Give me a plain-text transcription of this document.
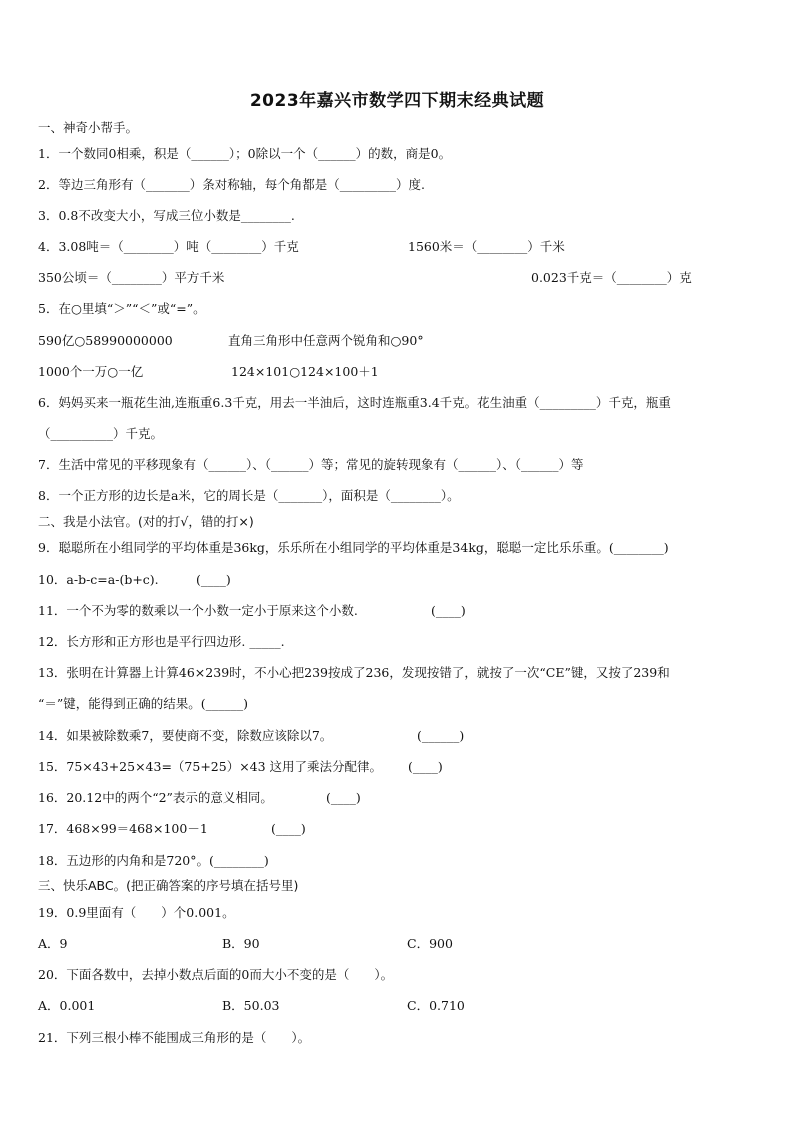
2023年嘉兴市数学四下期末经典试题
一、神奇小帮手。
1．一个数同0相乘，积是（______）；0除以一个（______）的数，商是0。
2．等边三角形有（_______）条对称轴，每个角都是（_________）度.
3．0.8不改变大小，写成三位小数是________.
4．3.08吨＝（________）吨（________）千克	1560米＝（________）千米
350公顷＝（________）平方千米	0.023千克＝（________）克
5．在○里填“＞”“＜”或“=”。
590亿○58990000000	直角三角形中任意两个锐角和○90°
1000个一万○一亿	124×101○124×100＋1
6．妈妈买来一瓶花生油,连瓶重6.3千克，用去一半油后，这时连瓶重3.4千克。花生油重（_________）千克，瓶重
（__________）千克。
7．生活中常见的平移现象有（______）、（______）等；常见的旋转现象有（______）、（______）等
8．一个正方形的边长是a米，它的周长是（_______），面积是（________）。
二、我是小法官。(对的打√，错的打×)
9．聪聪所在小组同学的平均体重是36kg，乐乐所在小组同学的平均体重是34kg，聪聪一定比乐乐重。(________)
10．a-b-c=a-(b+c).	(____)
11．一个不为零的数乘以一个小数一定小于原来这个小数.	(____)
12．长方形和正方形也是平行四边形. _____.
13．张明在计算器上计算46×239时，不小心把239按成了236，发现按错了，就按了一次“CE”键，又按了239和
“＝”键，能得到正确的结果。(______)
14．如果被除数乘7，要使商不变，除数应该除以7。	(______)
15．75×43+25×43=（75+25）×43 这用了乘法分配律。 (____)
16．20.12中的两个“2”表示的意义相同。	(____)
17．468×99＝468×100－1	(____)
18．五边形的内角和是720°。(________)
三、快乐ABC。(把正确答案的序号填在括号里)
19．0.9里面有（　　）个0.001。
A．9	B．90	C．900
20．下面各数中，去掉小数点后面的0而大小不变的是（　　）。
A．0.001	B．50.03	C．0.710
21．下列三根小棒不能围成三角形的是（　　）。
